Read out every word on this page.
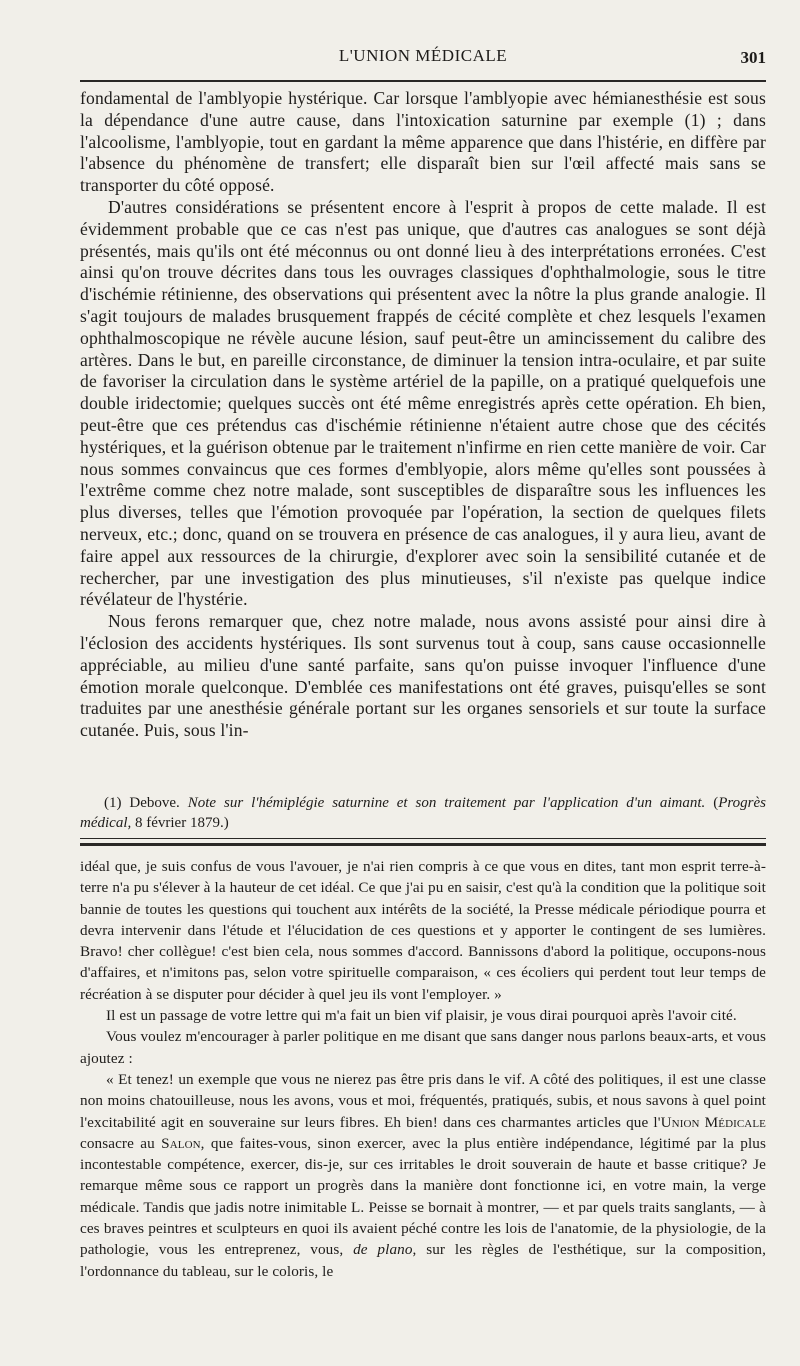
L'UNION MÉDICALE	301

fondamental de l'amblyopie hystérique. Car lorsque l'amblyopie avec hémianesthésie est sous la dépendance d'une autre cause, dans l'intoxication saturnine par exemple (1) ; dans l'alcoolisme, l'amblyopie, tout en gardant la même apparence que dans l'histérie, en diffère par l'absence du phénomène de transfert; elle disparaît bien sur l'œil affecté mais sans se transporter du côté opposé.

D'autres considérations se présentent encore à l'esprit à propos de cette malade. Il est évidemment probable que ce cas n'est pas unique, que d'autres cas analogues se sont déjà présentés, mais qu'ils ont été méconnus ou ont donné lieu à des interprétations erronées. C'est ainsi qu'on trouve décrites dans tous les ouvrages classiques d'ophthalmologie, sous le titre d'ischémie rétinienne, des observations qui présentent avec la nôtre la plus grande analogie. Il s'agit toujours de malades brusquement frappés de cécité complète et chez lesquels l'examen ophthalmoscopique ne révèle aucune lésion, sauf peut-être un amincissement du calibre des artères. Dans le but, en pareille circonstance, de diminuer la tension intra-oculaire, et par suite de favoriser la circulation dans le système artériel de la papille, on a pratiqué quelquefois une double iridectomie; quelques succès ont été même enregistrés après cette opération. Eh bien, peut-être que ces prétendus cas d'ischémie rétinienne n'étaient autre chose que des cécités hystériques, et la guérison obtenue par le traitement n'infirme en rien cette manière de voir. Car nous sommes convaincus que ces formes d'emblyopie, alors même qu'elles sont poussées à l'extrême comme chez notre malade, sont susceptibles de disparaître sous les influences les plus diverses, telles que l'émotion provoquée par l'opération, la section de quelques filets nerveux, etc.; donc, quand on se trouvera en présence de cas analogues, il y aura lieu, avant de faire appel aux ressources de la chirurgie, d'explorer avec soin la sensibilité cutanée et de rechercher, par une investigation des plus minutieuses, s'il n'existe pas quelque indice révélateur de l'hystérie.

Nous ferons remarquer que, chez notre malade, nous avons assisté pour ainsi dire à l'éclosion des accidents hystériques. Ils sont survenus tout à coup, sans cause occasionnelle appréciable, au milieu d'une santé parfaite, sans qu'on puisse invoquer l'influence d'une émotion morale quelconque. D'emblée ces manifestations ont été graves, puisqu'elles se sont traduites par une anesthésie générale portant sur les organes sensoriels et sur toute la surface cutanée. Puis, sous l'in-

(1) Debove. Note sur l'hémiplégie saturnine et son traitement par l'application d'un aimant. (Progrès médical, 8 février 1879.)

idéal que, je suis confus de vous l'avouer, je n'ai rien compris à ce que vous en dites, tant mon esprit terre-à-terre n'a pu s'élever à la hauteur de cet idéal. Ce que j'ai pu en saisir, c'est qu'à la condition que la politique soit bannie de toutes les questions qui touchent aux intérêts de la société, la Presse médicale périodique pourra et devra intervenir dans l'étude et l'élucidation de ces questions et y apporter le contingent de ses lumières. Bravo! cher collègue! c'est bien cela, nous sommes d'accord. Bannissons d'abord la politique, occupons-nous d'affaires, et n'imitons pas, selon votre spirituelle comparaison, « ces écoliers qui perdent tout leur temps de récréation à se disputer pour décider à quel jeu ils vont l'employer. »

Il est un passage de votre lettre qui m'a fait un bien vif plaisir, je vous dirai pourquoi après l'avoir cité.

Vous voulez m'encourager à parler politique en me disant que sans danger nous parlons beaux-arts, et vous ajoutez :

« Et tenez! un exemple que vous ne nierez pas être pris dans le vif. A côté des politiques, il est une classe non moins chatouilleuse, nous les avons, vous et moi, fréquentés, pratiqués, subis, et nous savons à quel point l'excitabilité agit en souveraine sur leurs fibres. Eh bien! dans ces charmantes articles que l'Union Médicale consacre au Salon, que faites-vous, sinon exercer, avec la plus entière indépendance, légitimé par la plus incontestable compétence, exercer, dis-je, sur ces irritables le droit souverain de haute et basse critique? Je remarque même sous ce rapport un progrès dans la manière dont fonctionne ici, en votre main, la verge médicale. Tandis que jadis notre inimitable L. Peisse se bornait à montrer, — et par quels traits sanglants, — à ces braves peintres et sculpteurs en quoi ils avaient péché contre les lois de l'anatomie, de la physiologie, de la pathologie, vous les entreprenez, vous, de plano, sur les règles de l'esthétique, sur la composition, l'ordonnance du tableau, sur le coloris, le
